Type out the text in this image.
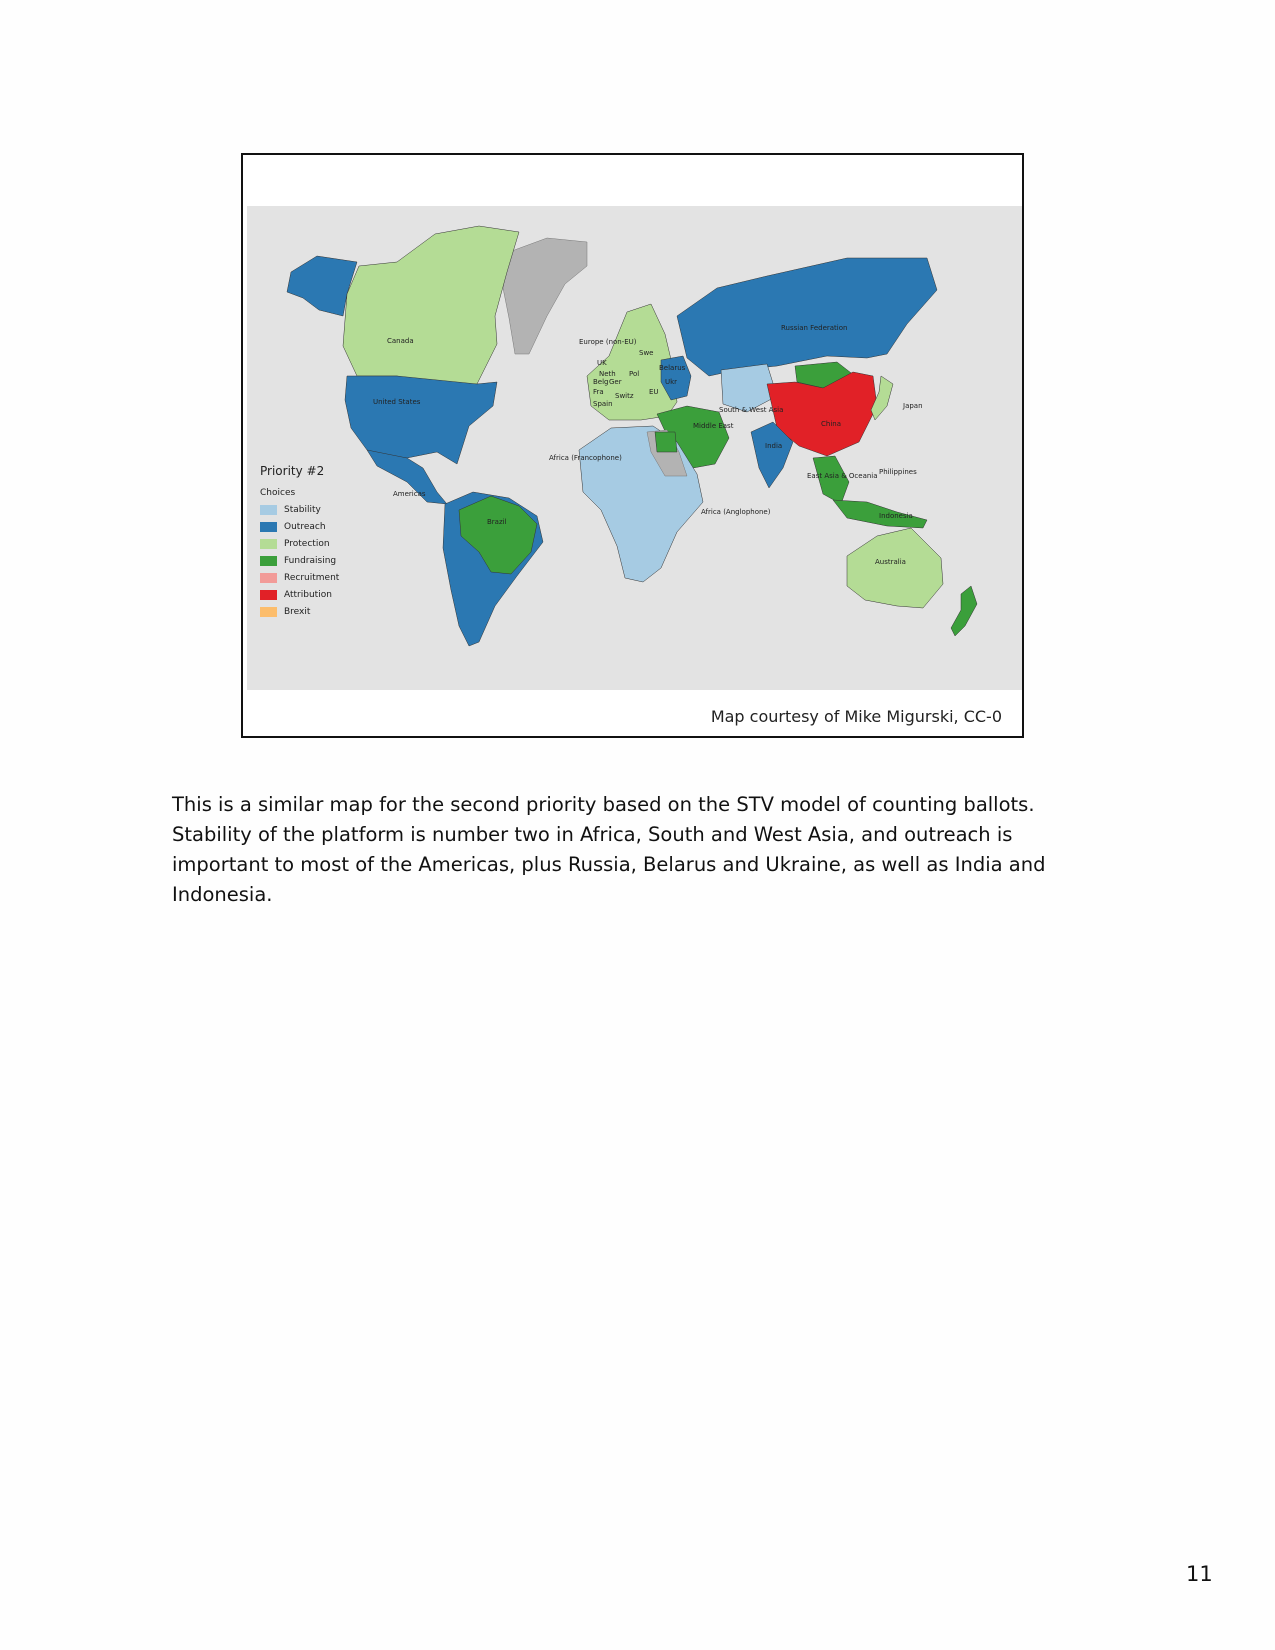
Canada
United States
Americas
Brazil
Europe (non-EU)
Russian Federation
China
Japan
South & West Asia
Middle East
India
East Asia & Oceania Philippines
Indonesia
Australia
Africa (Francophone)
Africa (Anglophone)
Swe
Neth Pol
Belarus
UK
Belg Ger	Ukr
Fra Switz
Spain
EU
Priority #2
Choices
Stability
Outreach
Protection
Fundraising
Recruitment
Attribution
Brexit
Map courtesy of Mike Migurski, CC-0

This is a similar map for the second priority based on the STV model of counting ballots. Stability of the platform is number two in Africa, South and West Asia, and outreach is important to most of the Americas, plus Russia, Belarus and Ukraine, as well as India and Indonesia.

11
